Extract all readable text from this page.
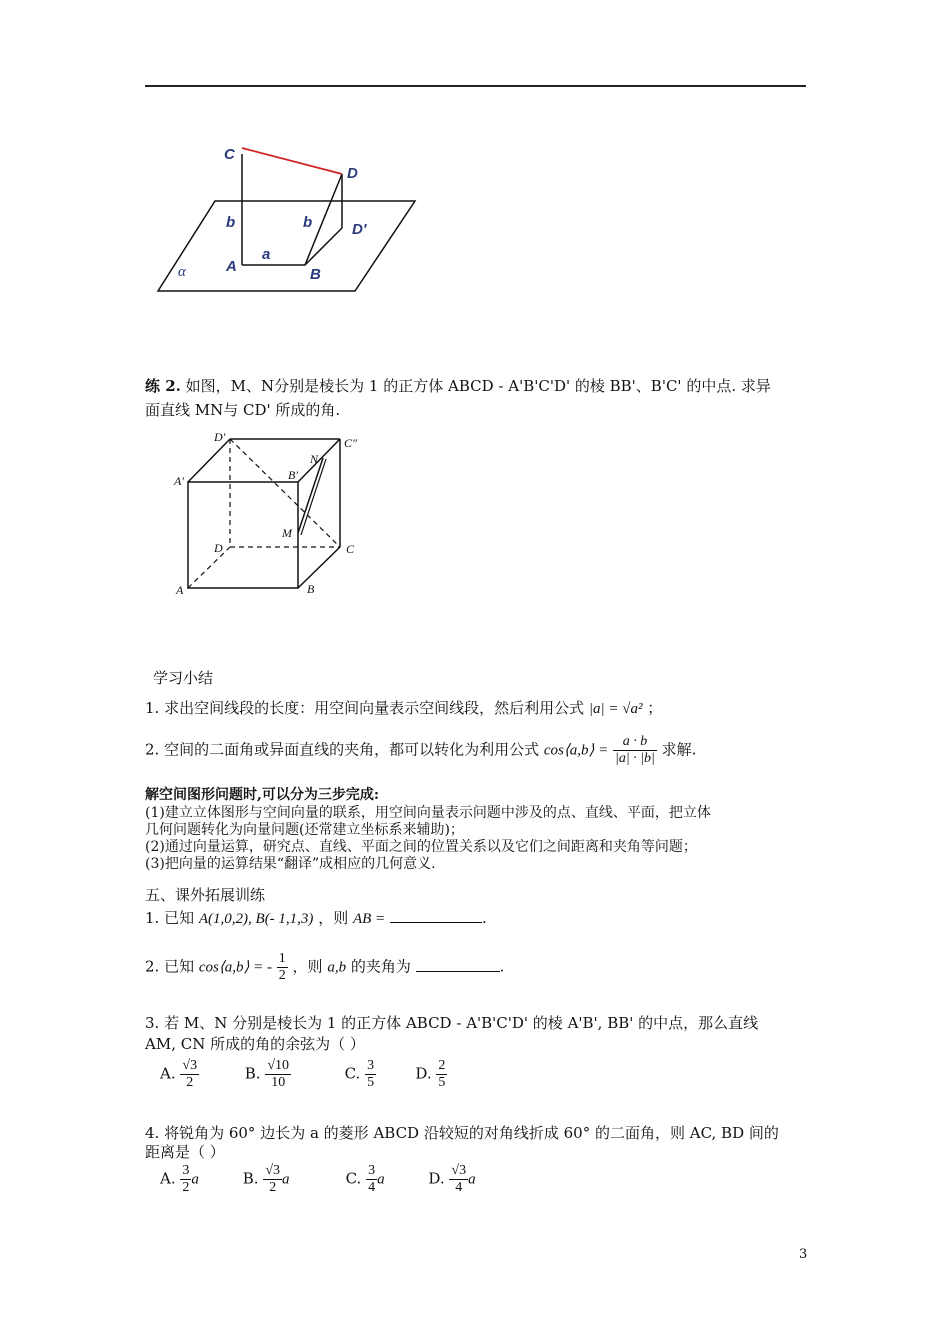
C
D
D'
b	b
A
a
B
α
练 2. 如图，M、N分别是棱长为 1 的正方体 ABCD - A'B'C'D' 的棱 BB'、B'C' 的中点. 求异
面直线 MN与 CD' 所成的角.
D′	C″
A′	B′
N
M
D	C
A	B
学习小结
1. 求出空间线段的长度：用空间向量表示空间线段，然后利用公式 |a| = √a² ；
2. 空间的二面角或异面直线的夹角，都可以转化为利用公式 cos⟨a,b⟩ = $\frac{a \cdot b}{|a| \cdot |b|}$ 求解.
解空间图形问题时,可以分为三步完成:
(1)建立立体图形与空间向量的联系，用空间向量表示问题中涉及的点、直线、平面，把立体
几何问题转化为向量问题(还常建立坐标系来辅助)；
(2)通过向量运算，研究点、直线、平面之间的位置关系以及它们之间距离和夹角等问题；
(3)把向量的运算结果“翻译”成相应的几何意义.
五、课外拓展训练
1. 已知 A(1,0,2), B(- 1,1,3) ，则 AB =	.
2. 已知 cos⟨a,b⟩ = - $\frac{1}{2}$ ，则 a,b 的夹角为	.
3. 若 M、N 分别是棱长为 1 的正方体 ABCD - A'B'C'D' 的棱 A'B', BB' 的中点，那么直线
AM, CN 所成的角的余弦为（ ）
A. $\frac{√3}{2}$	B. $\frac{√10}{10}$	C. $\frac{3}{5}$	D. $\frac{2}{5}$
4. 将锐角为 60° 边长为 a 的菱形 ABCD 沿较短的对角线折成 60° 的二面角，则 AC, BD 间的
距离是（ ）
A. $\frac{3}{2}$ a	B. $\frac{√3}{2}$ a	C. $\frac{3}{4}$ a	D. $\frac{√3}{4}$ a
3
